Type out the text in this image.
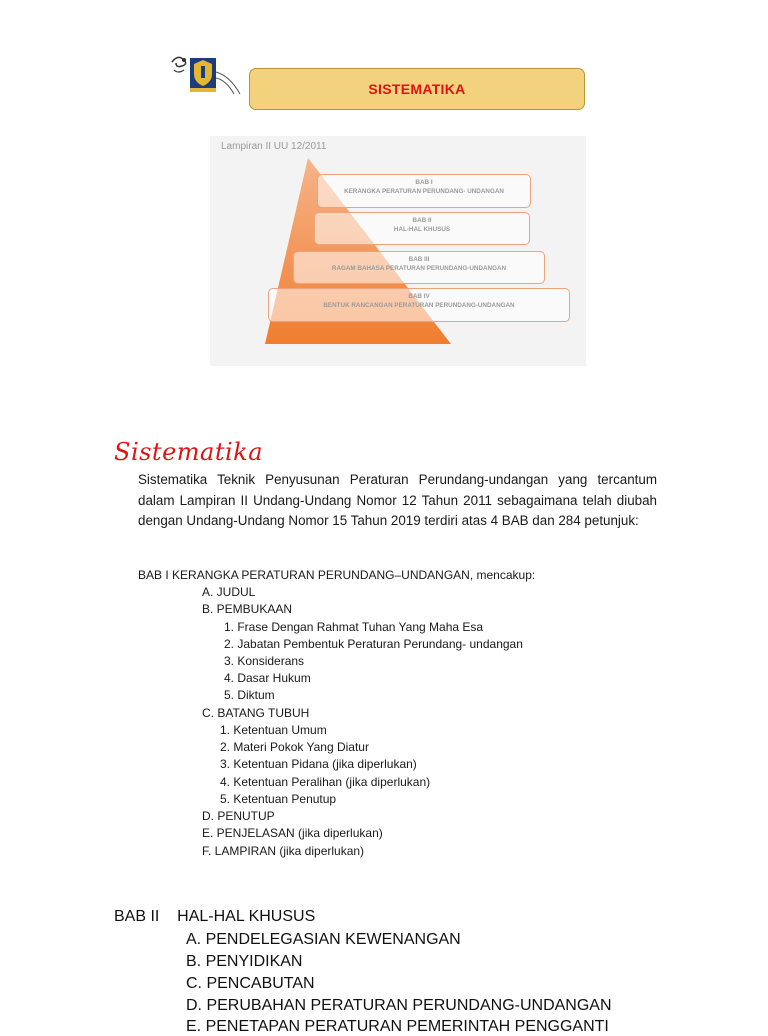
SISTEMATIKA
Lampiran II UU 12/2011
BAB I
KERANGKA PERATURAN PERUNDANG- UNDANGAN
BAB II
HAL-HAL KHUSUS
BAB III
RAGAM BAHASA PERATURAN PERUNDANG-UNDANGAN
BAB IV
BENTUK RANCANGAN PERATURAN PERUNDANG-UNDANGAN
Sistematika
Sistematika Teknik Penyusunan Peraturan Perundang-undangan yang tercantum dalam Lampiran II Undang-Undang Nomor 12 Tahun 2011 sebagaimana telah diubah dengan Undang-Undang Nomor 15 Tahun 2019 terdiri atas 4 BAB dan 284 petunjuk:
BAB I KERANGKA PERATURAN PERUNDANG–UNDANGAN, mencakup:
A. JUDUL
B. PEMBUKAAN
1. Frase Dengan Rahmat Tuhan Yang Maha Esa
2. Jabatan Pembentuk Peraturan Perundang- undangan
3. Konsiderans
4. Dasar Hukum
5. Diktum
C. BATANG TUBUH
1. Ketentuan Umum
2. Materi Pokok Yang Diatur
3. Ketentuan Pidana (jika diperlukan)
4. Ketentuan Peralihan (jika diperlukan)
5. Ketentuan Penutup
D. PENUTUP
E. PENJELASAN (jika diperlukan)
F. LAMPIRAN (jika diperlukan)
BAB II    HAL-HAL KHUSUS
A. PENDELEGASIAN KEWENANGAN
B. PENYIDIKAN
C. PENCABUTAN
D. PERUBAHAN PERATURAN PERUNDANG-UNDANGAN
E. PENETAPAN PERATURAN PEMERINTAH PENGGANTI
